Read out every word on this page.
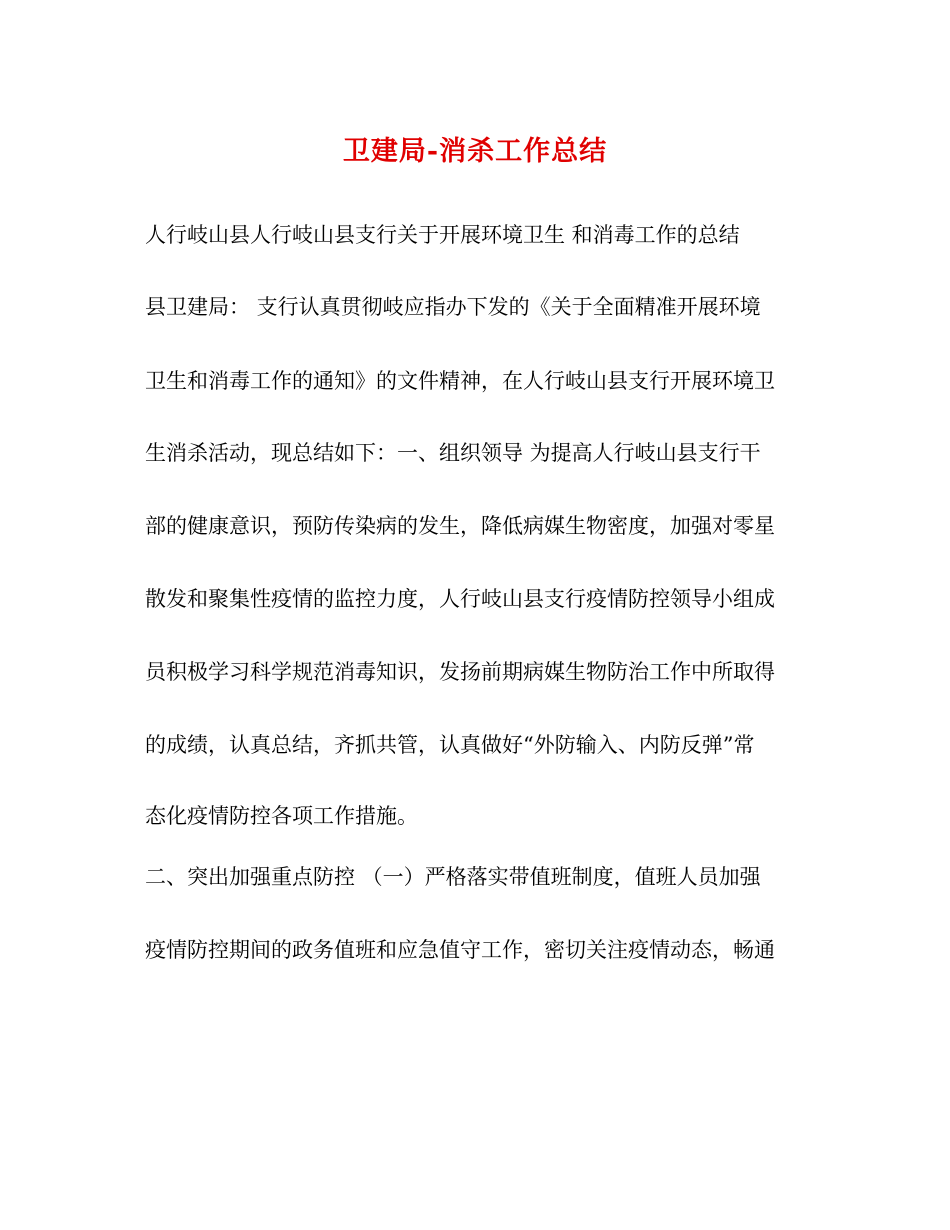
卫建局-消杀工作总结

人行岐山县人行岐山县支行关于开展环境卫生 和消毒工作的总结

县卫建局： 支行认真贯彻岐应指办下发的《关于全面精准开展环境

卫生和消毒工作的通知》的文件精神，在人行岐山县支行开展环境卫

生消杀活动，现总结如下：一、组织领导 为提高人行岐山县支行干

部的健康意识，预防传染病的发生，降低病媒生物密度，加强对零星

散发和聚集性疫情的监控力度，人行岐山县支行疫情防控领导小组成

员积极学习科学规范消毒知识，发扬前期病媒生物防治工作中所取得

的成绩，认真总结，齐抓共管，认真做好“外防输入、内防反弹”常

态化疫情防控各项工作措施。

二、突出加强重点防控 （一）严格落实带值班制度，值班人员加强

疫情防控期间的政务值班和应急值守工作，密切关注疫情动态，畅通
